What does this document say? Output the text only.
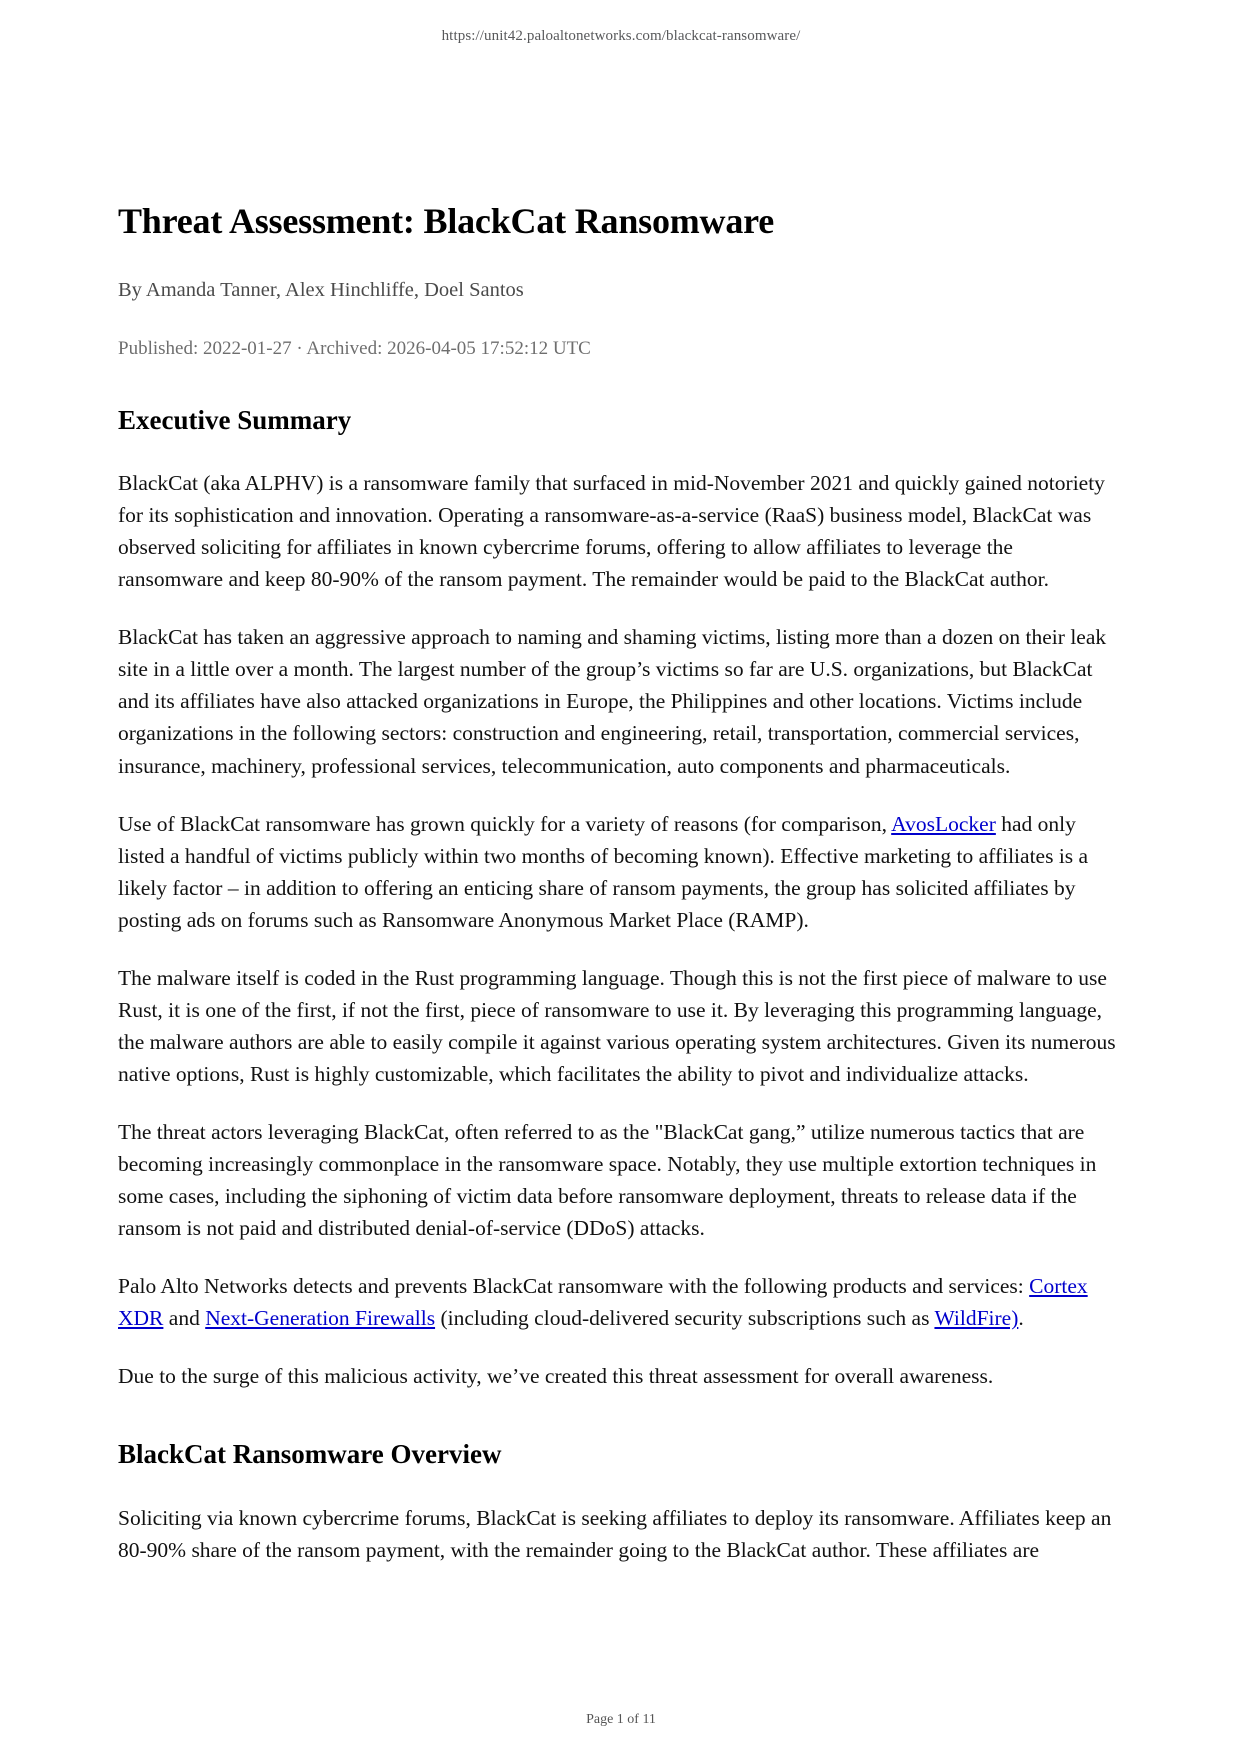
https://unit42.paloaltonetworks.com/blackcat-ransomware/
Threat Assessment: BlackCat Ransomware
By Amanda Tanner, Alex Hinchliffe, Doel Santos
Published: 2022-01-27 · Archived: 2026-04-05 17:52:12 UTC
Executive Summary

BlackCat (aka ALPHV) is a ransomware family that surfaced in mid-November 2021 and quickly gained notoriety for its sophistication and innovation. Operating a ransomware-as-a-service (RaaS) business model, BlackCat was observed soliciting for affiliates in known cybercrime forums, offering to allow affiliates to leverage the ransomware and keep 80-90% of the ransom payment. The remainder would be paid to the BlackCat author.

BlackCat has taken an aggressive approach to naming and shaming victims, listing more than a dozen on their leak site in a little over a month. The largest number of the group’s victims so far are U.S. organizations, but BlackCat and its affiliates have also attacked organizations in Europe, the Philippines and other locations. Victims include organizations in the following sectors: construction and engineering, retail, transportation, commercial services, insurance, machinery, professional services, telecommunication, auto components and pharmaceuticals.

Use of BlackCat ransomware has grown quickly for a variety of reasons (for comparison, AvosLocker had only listed a handful of victims publicly within two months of becoming known). Effective marketing to affiliates is a likely factor – in addition to offering an enticing share of ransom payments, the group has solicited affiliates by posting ads on forums such as Ransomware Anonymous Market Place (RAMP).

The malware itself is coded in the Rust programming language. Though this is not the first piece of malware to use Rust, it is one of the first, if not the first, piece of ransomware to use it. By leveraging this programming language, the malware authors are able to easily compile it against various operating system architectures. Given its numerous native options, Rust is highly customizable, which facilitates the ability to pivot and individualize attacks.

The threat actors leveraging BlackCat, often referred to as the "BlackCat gang,” utilize numerous tactics that are becoming increasingly commonplace in the ransomware space. Notably, they use multiple extortion techniques in some cases, including the siphoning of victim data before ransomware deployment, threats to release data if the ransom is not paid and distributed denial-of-service (DDoS) attacks.

Palo Alto Networks detects and prevents BlackCat ransomware with the following products and services: Cortex XDR and Next-Generation Firewalls (including cloud-delivered security subscriptions such as WildFire).

Due to the surge of this malicious activity, we’ve created this threat assessment for overall awareness.

BlackCat Ransomware Overview

Soliciting via known cybercrime forums, BlackCat is seeking affiliates to deploy its ransomware. Affiliates keep an 80-90% share of the ransom payment, with the remainder going to the BlackCat author. These affiliates are

Page 1 of 11
